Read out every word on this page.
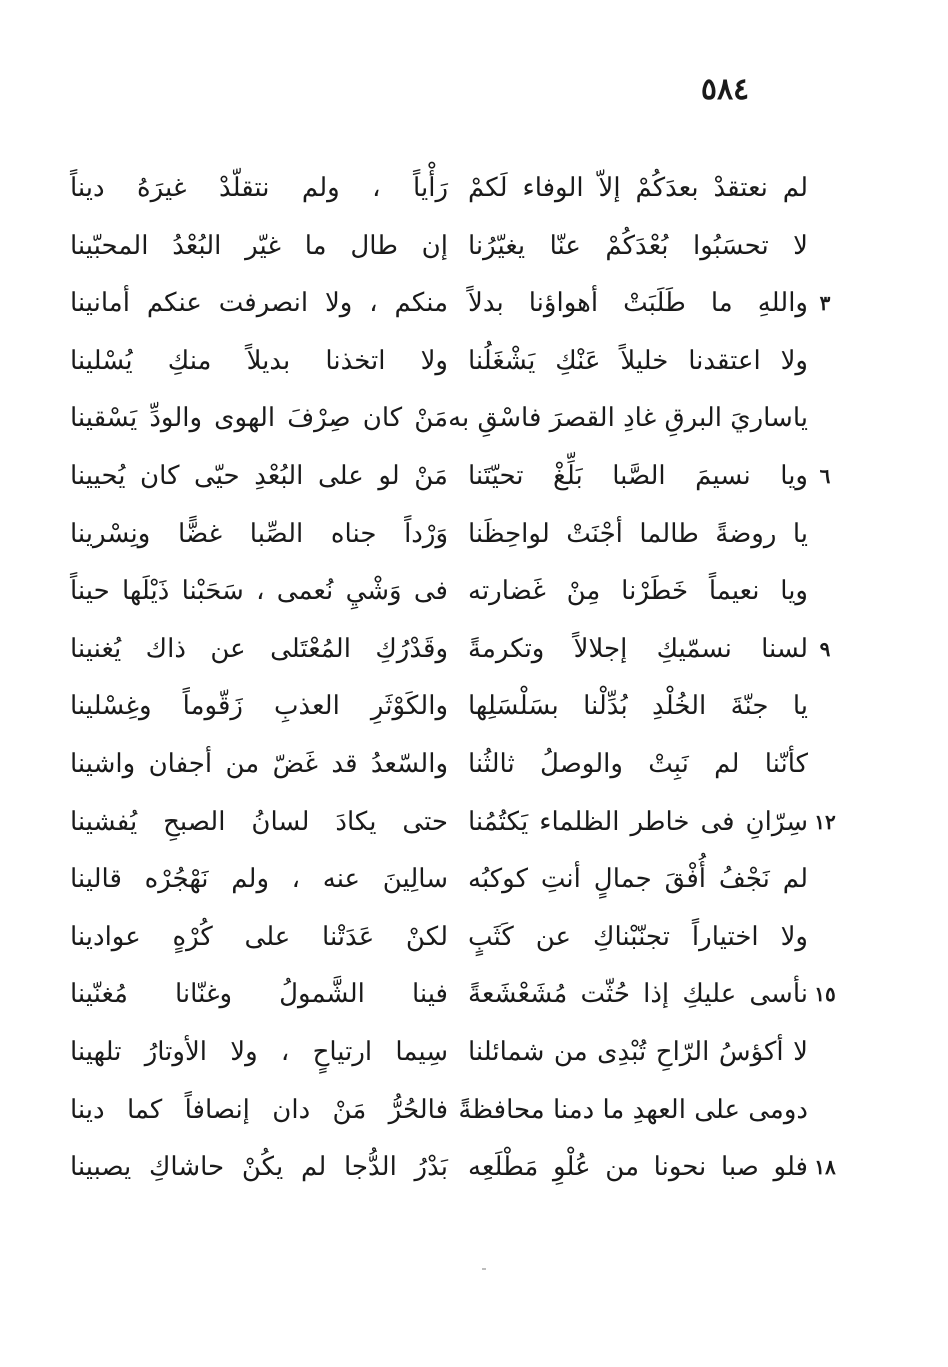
٥٨٤
لم نعتقدْ بعدَكُمْ إلاّ الوفاء لَكمْ
رَأْياً ، ولم نتقلّدْ غيرَهُ ديناً
لا تحسَبُوا بُعْدَكُمْ عنّا يغيّرُنا
إن طال ما غيّر البُعْدُ المحبّينا
٣
واللهِ ما طَلَبَتْ أهواؤنا بدلاً
منكم ، ولا انصرفت عنكم أمانينا
ولا اعتقدنا خليلاً عَنْكِ يَشْغَلُنا
ولا اتخذنا بديلاً منكِ يُسْلينا
ياساريَ البرقِ غادِ القصرَ فاسْقِ به
مَنْ كان صِرْفَ الهوى والودِّ يَسْقينا
٦
ويا نسيمَ الصَّبا بَلِّغْ تحيّتَنا
مَنْ لو على البُعْدِ حيّى كان يُحيينا
يا روضةً طالما أجْنَتْ لواحِظَنا
وَرْداً جناه الصِّبا غضًّا ونِسْرينا
ويا نعيماً خَطَرْنا مِنْ غَضارته
فى وَشْيِ نُعمى ، سَحَبْنا ذَيْلَها حيناً
٩
لسنا نسمّيكِ إجلالاً وتكرمةً
وقَدْرُكِ المُعْتَلى عن ذاك يُغنينا
يا جنّةَ الخُلْدِ بُدِّلْنا بسَلْسَلِها
والكَوْثَرِ العذبِ زَقّوماً وغِسْلينا
كأنّنا لم نَبِتْ والوصلُ ثالثُنا
والسّعدُ قد غَضّ من أجفان واشينا
١٢
سِرّانِ فى خاطر الظلماء يَكتُمُنا
حتى يكادَ لسانُ الصبحِ يُفشينا
لم نَجْفُ أُفْقَ جمالٍ أنتِ كوكبُه
سالِينَ عنه ، ولم نَهْجُرْه قالينا
ولا اختياراً تجنّبْناكِ عن كَثَبٍ
لكنْ عَدَتْنا على كُرْهٍ عوادينا
١٥
نأسى عليكِ إذا حُثّت مُشَعْشَعةً
فينا الشَّمولُ وغنّانا مُغنّينا
لا أكؤسُ الرّاحِ تُبْدِى من شمائلنا
سِيما ارتياحٍ ، ولا الأوتارُ تلهينا
دومى على العهدِ ما دمنا محافظةً
فالحُرُّ مَنْ دان إنصافاً كما دينا
١٨
فلو صبا نحونا من عُلْوِ مَطْلَعِه
بَدْرُ الدُّجا لم يكُنْ حاشاكِ يصبينا
